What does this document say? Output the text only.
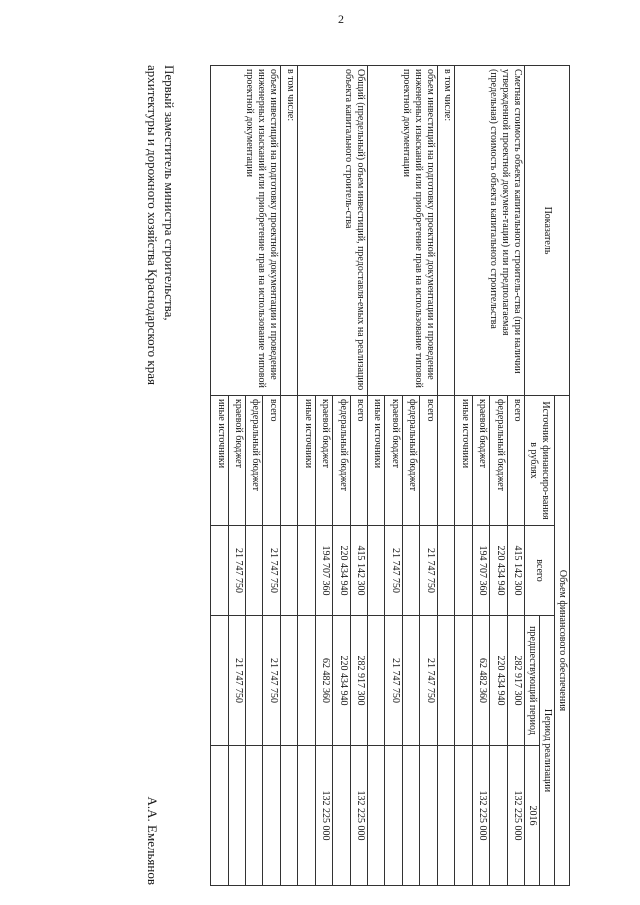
2
Показатель	Объем финансового обеспечения			
	Источник финансиро-вания в рублях	всего	Период реализации	
			предшествующий период	2016
Сметная стоимость объекта капитального строитель-ства (при наличии утвержденной проектной докумен-тации) или предполагаемая (предельная) стоимость объекта капитального строительства	всего	415 142 300	282 917 300	132 225 000
	федеральный бюджет	220 434 940	220 434 940	
	краевой бюджет	194 707 360	62 482 360	132 225 000
	иные источники			
в том числе:				
объем инвестиций на подготовку проектной документации и проведение инженерных изысканий или приобретение прав на использование типовой проектной документации	всего	21 747 750	21 747 750	
	федеральный бюджет			
	краевой бюджет	21 747 750	21 747 750	
	иные источники			
Общий (предельный) объем инвестиций, предоставля-емых на реализацию объекта капитального строитель-ства	всего	415 142 300	282 917 300	132 225 000
	федеральный бюджет	220 434 940	220 434 940	
	краевой бюджет	194 707 360	62 482 360	132 225 000
	иные источники			
в том числе:				
объем инвестиций на подготовку проектной документации и проведение инженерных изысканий или приобретение прав на использование типовой проектной документации	всего	21 747 750	21 747 750	
	федеральный бюджет			
	краевой бюджет	21 747 750	21 747 750	
	иные источники			
Первый заместитель министра строительства,
архитектуры и дорожного хозяйства Краснодарского края
А.А. Емельянов
